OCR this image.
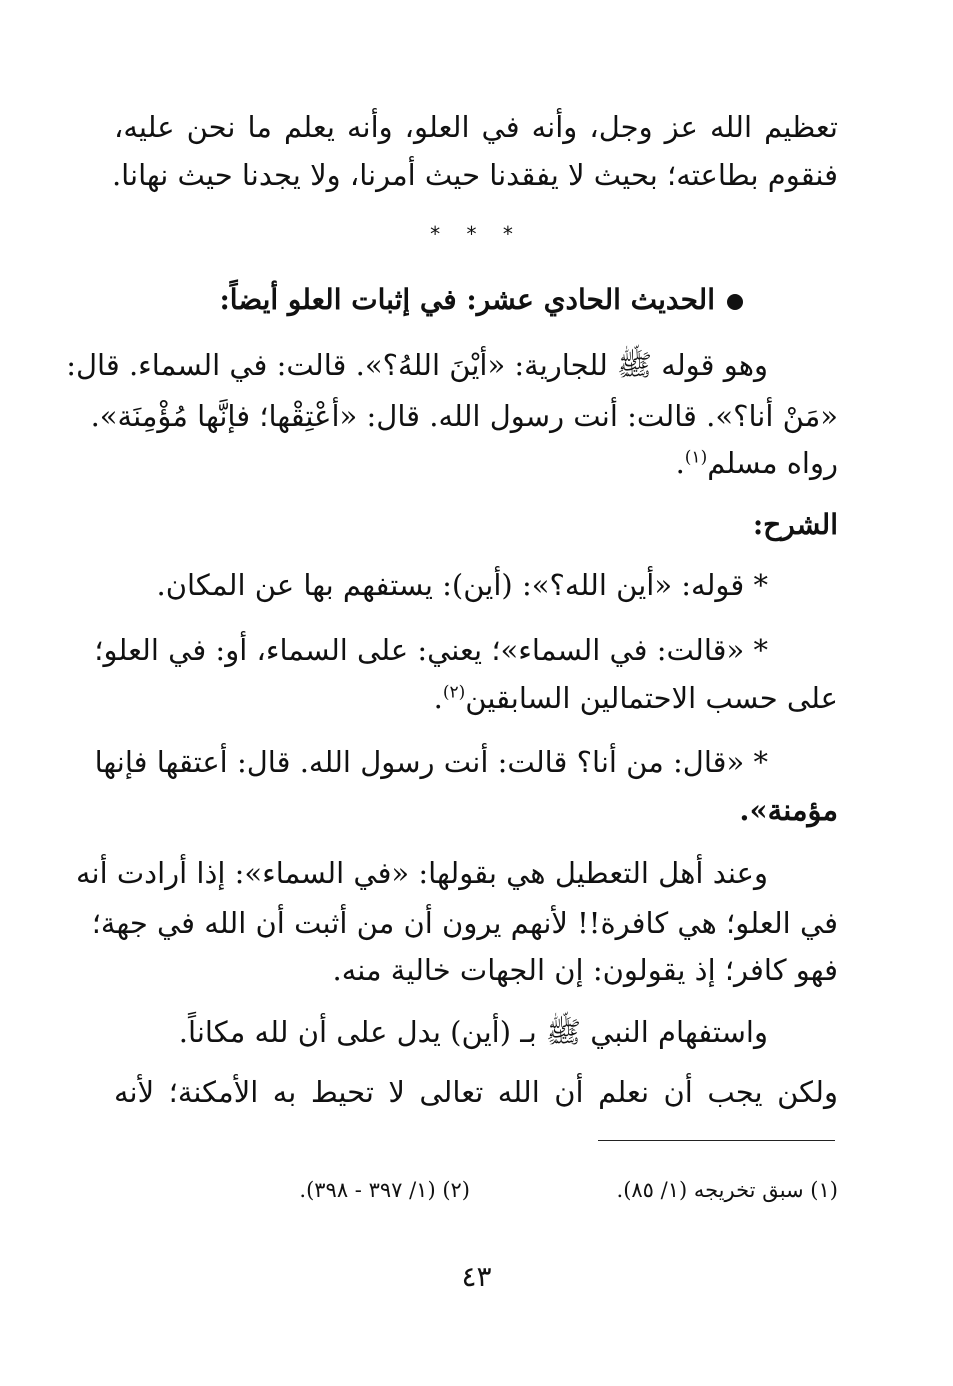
تعظيم الله عز وجل، وأنه في العلو، وأنه يعلم ما نحن عليه،
فنقوم بطاعته؛ بحيث لا يفقدنا حيث أمرنا، ولا يجدنا حيث نهانا.
* * *
الحديث الحادي عشر: في إثبات العلو أيضاً:
وهو قوله ﷺ للجارية: «أيْنَ اللهُ؟». قالت: في السماء. قال:
«مَنْ أنا؟». قالت: أنت رسول الله. قال: «أعْتِقْها؛ فإنَّها مُؤْمِنَة».
رواه مسلم$^{(١)}$.
الشرح:
* قوله: «أين الله؟»: (أين): يستفهم بها عن المكان.
* «قالت: في السماء»؛ يعني: على السماء، أو: في العلو؛
على حسب الاحتمالين السابقين$^{(٢)}$.
* «قال: من أنا؟ قالت: أنت رسول الله. قال: أعتقها فإنها
مؤمنة».
وعند أهل التعطيل هي بقولها: «في السماء»: إذا أرادت أنه
في العلو؛ هي كافرة!! لأنهم يرون أن من أثبت أن الله في جهة؛
فهو كافر؛ إذ يقولون: إن الجهات خالية منه.
واستفهام النبي ﷺ بـ (أين) يدل على أن لله مكاناً.
ولكن يجب أن نعلم أن الله تعالى لا تحيط به الأمكنة؛ لأنه
(١) سبق تخريجه (١/ ٨٥).
(٢) (١/ ٣٩٧ - ٣٩٨).
٤٣
